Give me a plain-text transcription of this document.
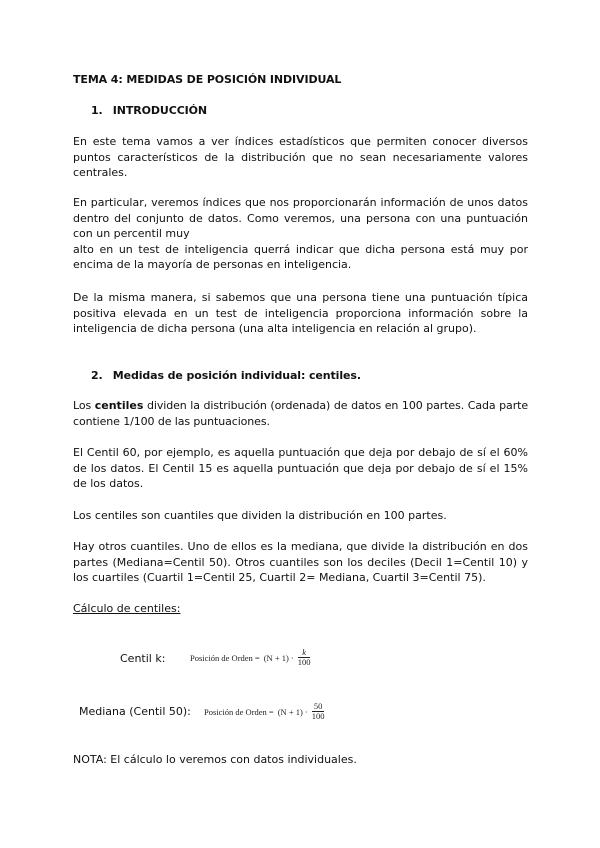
TEMA 4: MEDIDAS DE POSICIÓN INDIVIDUAL
1. INTRODUCCIÓN
En este tema vamos a ver índices estadísticos que permiten conocer diversos puntos característicos de la distribución que no sean necesariamente valores centrales.
En particular, veremos índices que nos proporcionarán información de unos datos dentro del conjunto de datos. Como veremos, una persona con una puntuación con un percentil muy
alto en un test de inteligencia querrá indicar que dicha persona está muy por encima de la mayoría de personas en inteligencia.
De la misma manera, si sabemos que una persona tiene una puntuación típica positiva elevada en un test de inteligencia proporciona información sobre la inteligencia de dicha persona (una alta inteligencia en relación al grupo).
2. Medidas de posición individual: centiles.
Los centiles dividen la distribución (ordenada) de datos en 100 partes. Cada parte contiene 1/100 de las puntuaciones.
El Centil 60, por ejemplo, es aquella puntuación que deja por debajo de sí el 60% de los datos. El Centil 15 es aquella puntuación que deja por debajo de sí el 15% de los datos.
Los centiles son cuantiles que dividen la distribución en 100 partes.
Hay otros cuantiles. Uno de ellos es la mediana, que divide la distribución en dos partes (Mediana=Centil 50). Otros cuantiles son los deciles (Decil 1=Centil 10) y los cuartiles (Cuartil 1=Centil 25, Cuartil 2= Mediana, Cuartil 3=Centil 75).
Cálculo de centiles:
Centil k:	Posición de Orden = $(N + 1) \cdot \frac{k}{100}$
Mediana (Centil 50): Posición de Orden = $(N + 1) \cdot \frac{50}{100}$
NOTA: El cálculo lo veremos con datos individuales.
